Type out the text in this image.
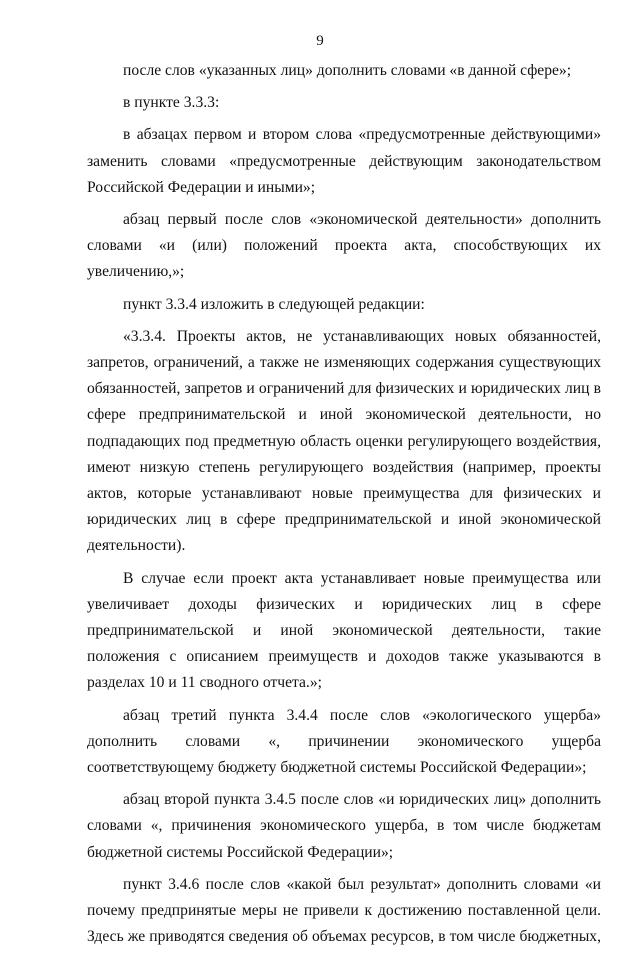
9
после слов «указанных лиц» дополнить словами «в данной сфере»;
в пункте 3.3.3:
в абзацах первом и втором слова «предусмотренные действующими» заменить словами «предусмотренные действующим законодательством Российской Федерации и иными»;
абзац первый после слов «экономической деятельности» дополнить словами «и (или) положений проекта акта, способствующих их увеличению,»;
пункт 3.3.4 изложить в следующей редакции:
«3.3.4. Проекты актов, не устанавливающих новых обязанностей, запретов, ограничений, а также не изменяющих содержания существующих обязанностей, запретов и ограничений для физических и юридических лиц в сфере предпринимательской и иной экономической деятельности, но подпадающих под предметную область оценки регулирующего воздействия, имеют низкую степень регулирующего воздействия (например, проекты актов, которые устанавливают новые преимущества для физических и юридических лиц в сфере предпринимательской и иной экономической деятельности).
В случае если проект акта устанавливает новые преимущества или увеличивает доходы физических и юридических лиц в сфере предпринимательской и иной экономической деятельности, такие положения с описанием преимуществ и доходов также указываются в разделах 10 и 11 сводного отчета.»;
абзац третий пункта 3.4.4 после слов «экологического ущерба» дополнить словами «, причинении экономического ущерба соответствующему бюджету бюджетной системы Российской Федерации»;
абзац второй пункта 3.4.5 после слов «и юридических лиц» дополнить словами «, причинения экономического ущерба, в том числе бюджетам бюджетной системы Российской Федерации»;
пункт 3.4.6 после слов «какой был результат» дополнить словами «и почему предпринятые меры не привели к достижению поставленной цели. Здесь же приводятся сведения об объемах ресурсов, в том числе бюджетных,
